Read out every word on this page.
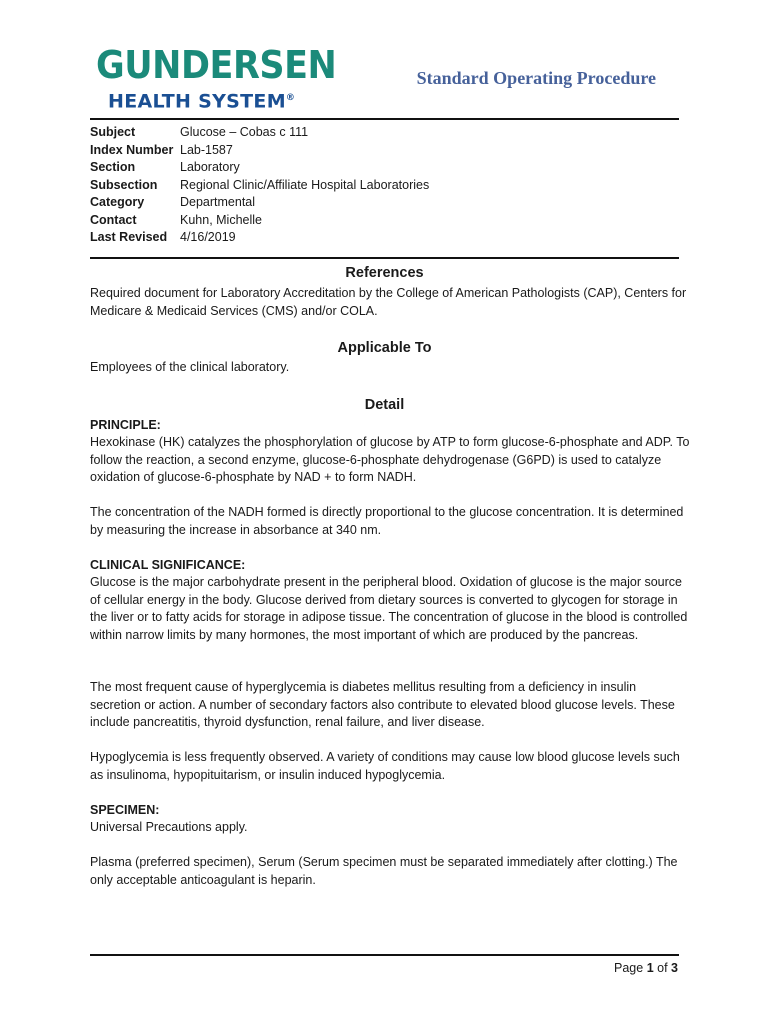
GUNDERSEN
HEALTH SYSTEM®
Standard Operating Procedure
Subject	Glucose – Cobas c 111
Index Number Lab-1587
Section	Laboratory
Subsection	Regional Clinic/Affiliate Hospital Laboratories
Category	Departmental
Contact	Kuhn, Michelle
Last Revised	4/16/2019
References

Required document for Laboratory Accreditation by the College of American Pathologists (CAP), Centers for Medicare & Medicaid Services (CMS) and/or COLA.

Applicable To

Employees of the clinical laboratory.

Detail

PRINCIPLE:

Hexokinase (HK) catalyzes the phosphorylation of glucose by ATP to form glucose-6-phosphate and ADP. To follow the reaction, a second enzyme, glucose-6-phosphate dehydrogenase (G6PD) is used to catalyze oxidation of glucose-6-phosphate by NAD + to form NADH.

The concentration of the NADH formed is directly proportional to the glucose concentration. It is determined by measuring the increase in absorbance at 340 nm.

CLINICAL SIGNIFICANCE:

Glucose is the major carbohydrate present in the peripheral blood. Oxidation of glucose is the major source of cellular energy in the body. Glucose derived from dietary sources is converted to glycogen for storage in the liver or to fatty acids for storage in adipose tissue. The concentration of glucose in the blood is controlled within narrow limits by many hormones, the most important of which are produced by the pancreas.

The most frequent cause of hyperglycemia is diabetes mellitus resulting from a deficiency in insulin secretion or action. A number of secondary factors also contribute to elevated blood glucose levels. These include pancreatitis, thyroid dysfunction, renal failure, and liver disease.

Hypoglycemia is less frequently observed. A variety of conditions may cause low blood glucose levels such as insulinoma, hypopituitarism, or insulin induced hypoglycemia.

SPECIMEN:

Universal Precautions apply.

Plasma (preferred specimen), Serum (Serum specimen must be separated immediately after clotting.) The only acceptable anticoagulant is heparin.

Page 1 of 3
